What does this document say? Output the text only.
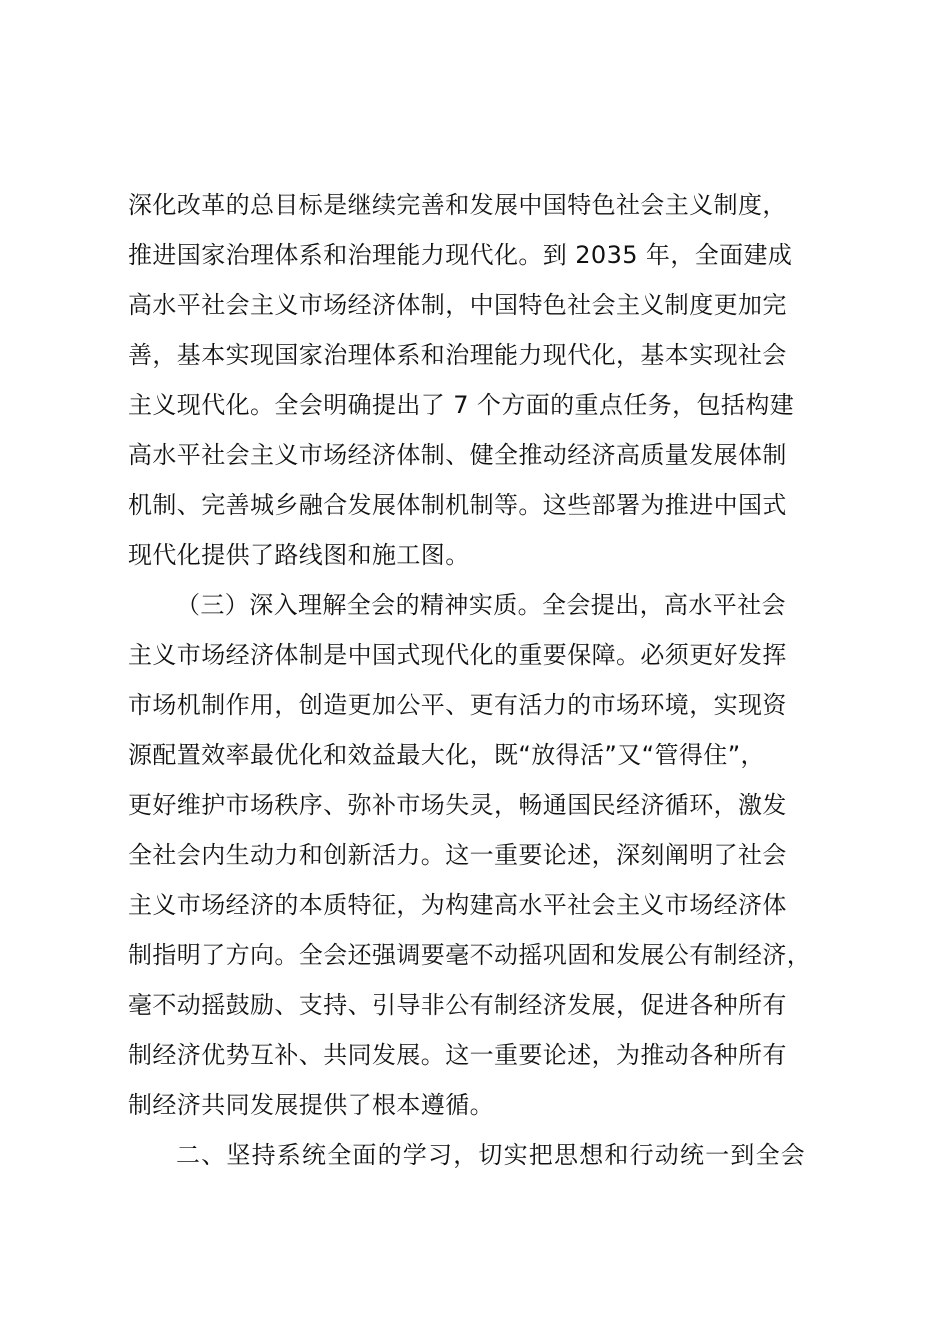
深化改革的总目标是继续完善和发展中国特色社会主义制度，
推进国家治理体系和治理能力现代化。到 2035 年，全面建成
高水平社会主义市场经济体制，中国特色社会主义制度更加完
善，基本实现国家治理体系和治理能力现代化，基本实现社会
主义现代化。全会明确提出了 7 个方面的重点任务，包括构建
高水平社会主义市场经济体制、健全推动经济高质量发展体制
机制、完善城乡融合发展体制机制等。这些部署为推进中国式
现代化提供了路线图和施工图。
（三）深入理解全会的精神实质。全会提出，高水平社会
主义市场经济体制是中国式现代化的重要保障。必须更好发挥
市场机制作用，创造更加公平、更有活力的市场环境，实现资
源配置效率最优化和效益最大化，既“放得活”又“管得住”，
更好维护市场秩序、弥补市场失灵，畅通国民经济循环，激发
全社会内生动力和创新活力。这一重要论述，深刻阐明了社会
主义市场经济的本质特征，为构建高水平社会主义市场经济体
制指明了方向。全会还强调要毫不动摇巩固和发展公有制经济，
毫不动摇鼓励、支持、引导非公有制经济发展，促进各种所有
制经济优势互补、共同发展。这一重要论述，为推动各种所有
制经济共同发展提供了根本遵循。
二、坚持系统全面的学习，切实把思想和行动统一到全会
